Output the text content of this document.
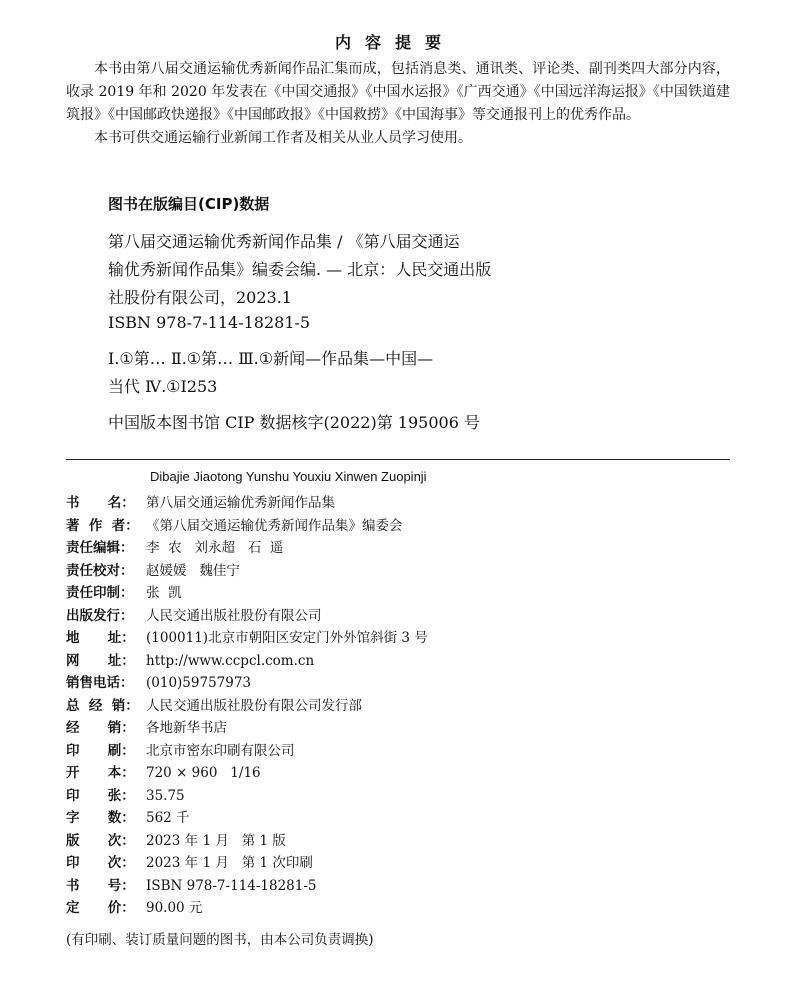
内容提要

本书由第八届交通运输优秀新闻作品汇集而成，包括消息类、通讯类、评论类、副刊类四大部分内容，收录 2019 年和 2020 年发表在《中国交通报》《中国水运报》《广西交通》《中国远洋海运报》《中国铁道建筑报》《中国邮政快递报》《中国邮政报》《中国救捞》《中国海事》等交通报刊上的优秀作品。

本书可供交通运输行业新闻工作者及相关从业人员学习使用。

图书在版编目(CIP)数据

第八届交通运输优秀新闻作品集 / 《第八届交通运

输优秀新闻作品集》编委会编. — 北京：人民交通出版

社股份有限公司，2023.1

ISBN 978-7-114-18281-5

Ⅰ.①第… Ⅱ.①第… Ⅲ.①新闻—作品集—中国—

当代 Ⅳ.①I253

中国版本图书馆 CIP 数据核字(2022)第 195006 号
Dibajie Jiaotong Yunshu Youxiu Xinwen Zuopinji
书      名： 第八届交通运输优秀新闻作品集
著  作  者： 《第八届交通运输优秀新闻作品集》编委会
责任编辑： 李  农   刘永超   石  遥
责任校对： 赵媛媛   魏佳宁
责任印制： 张  凯
出版发行： 人民交通出版社股份有限公司
地      址： (100011)北京市朝阳区安定门外外馆斜街 3 号
网      址： http://www.ccpcl.com.cn
销售电话： (010)59757973
总  经  销： 人民交通出版社股份有限公司发行部
经      销： 各地新华书店
印      刷： 北京市密东印刷有限公司
开      本： 720 × 960   1/16
印      张： 35.75
字      数： 562 千
版      次： 2023 年 1 月   第 1 版
印      次： 2023 年 1 月   第 1 次印刷
书      号： ISBN 978-7-114-18281-5
定      价： 90.00 元
(有印刷、装订质量问题的图书，由本公司负责调换)
